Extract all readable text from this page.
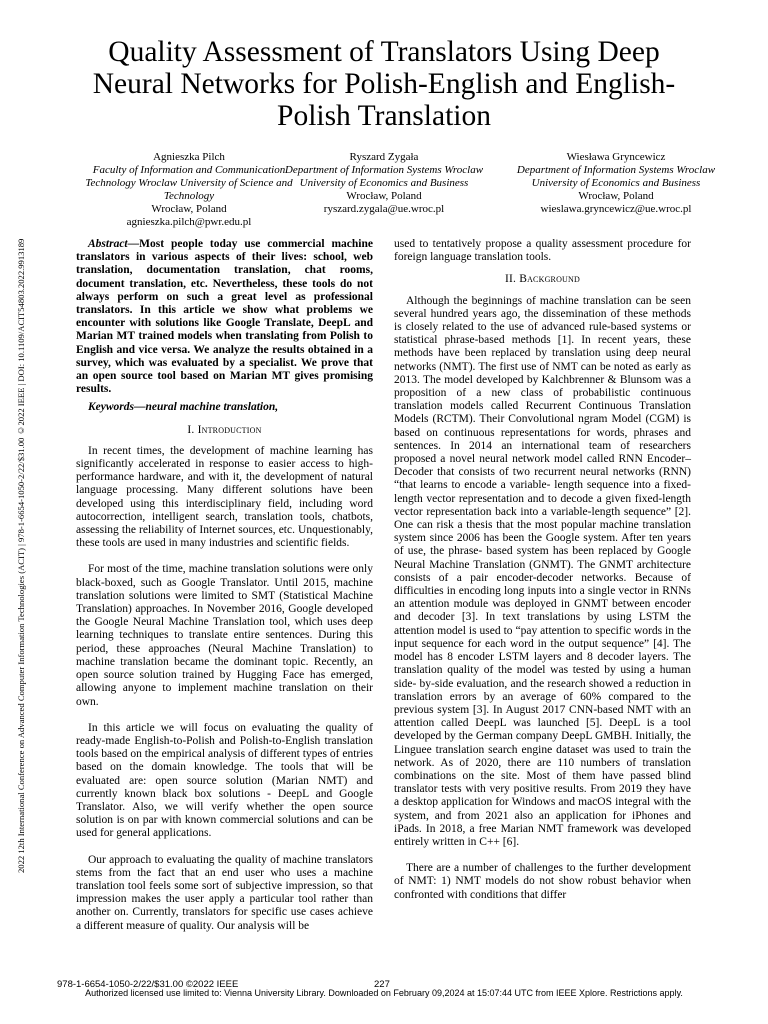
2022 12th International Conference on Advanced Computer Information Technologies (ACIT) | 978-1-6654-1050-2/22/$31.00 ©2022 IEEE | DOI: 10.1109/ACIT54803.2022.9913189
Quality Assessment of Translators Using Deep Neural Networks for Polish-English and English-Polish Translation
Agnieszka Pilch
Faculty of Information and Communication Technology Wroclaw University of Science and Technology
Wrocław, Poland
agnieszka.pilch@pwr.edu.pl
Ryszard Zygała
Department of Information Systems Wroclaw University of Economics and Business
Wrocław, Poland
ryszard.zygala@ue.wroc.pl
Wiesława Gryncewicz
Department of Information Systems Wroclaw University of Economics and Business
Wrocław, Poland
wieslawa.gryncewicz@ue.wroc.pl

Abstract—Most people today use commercial machine translators in various aspects of their lives: school, web translation, documentation translation, chat rooms, document translation, etc. Nevertheless, these tools do not always perform on such a great level as professional translators. In this article we show what problems we encounter with solutions like Google Translate, DeepL and Marian MT trained models when translating from Polish to English and vice versa. We analyze the results obtained in a survey, which was evaluated by a specialist. We prove that an open source tool based on Marian MT gives promising results.

Keywords—neural machine translation,

I. Introduction

In recent times, the development of machine learning has significantly accelerated in response to easier access to high-performance hardware, and with it, the development of natural language processing. Many different solutions have been developed using this interdisciplinary field, including word autocorrection, intelligent search, translation tools, chatbots, assessing the reliability of Internet sources, etc. Unquestionably, these tools are used in many industries and scientific fields.

For most of the time, machine translation solutions were only black-boxed, such as Google Translator. Until 2015, machine translation solutions were limited to SMT (Statistical Machine Translation) approaches. In November 2016, Google developed the Google Neural Machine Translation tool, which uses deep learning techniques to translate entire sentences. During this period, these approaches (Neural Machine Translation) to machine translation became the dominant topic. Recently, an open source solution trained by Hugging Face has emerged, allowing anyone to implement machine translation on their own.

In this article we will focus on evaluating the quality of ready-made English-to-Polish and Polish-to-English translation tools based on the empirical analysis of different types of entries based on the domain knowledge. The tools that will be evaluated are: open source solution (Marian NMT) and currently known black box solutions - DeepL and Google Translator. Also, we will verify whether the open source solution is on par with known commercial solutions and can be used for general applications.

Our approach to evaluating the quality of machine translators stems from the fact that an end user who uses a machine translation tool feels some sort of subjective impression, so that impression makes the user apply a particular tool rather than another on. Currently, translators for specific use cases achieve a different measure of quality. Our analysis will be

used to tentatively propose a quality assessment procedure for foreign language translation tools.

II. Background

Although the beginnings of machine translation can be seen several hundred years ago, the dissemination of these methods is closely related to the use of advanced rule-based systems or statistical phrase-based methods [1]. In recent years, these methods have been replaced by translation using deep neural networks (NMT). The first use of NMT can be noted as early as 2013. The model developed by Kalchbrenner & Blunsom was a proposition of a new class of probabilistic continuous translation models called Recurrent Continuous Translation Models (RCTM). Their Convolutional ngram Model (CGM) is based on continuous representations for words, phrases and sentences. In 2014 an international team of researchers proposed a novel neural network model called RNN Encoder–Decoder that consists of two recurrent neural networks (RNN) “that learns to encode a variable- length sequence into a fixed-length vector representation and to decode a given fixed-length vector representation back into a variable-length sequence” [2]. One can risk a thesis that the most popular machine translation system since 2006 has been the Google system. After ten years of use, the phrase- based system has been replaced by Google Neural Machine Translation (GNMT). The GNMT architecture consists of a pair encoder-decoder networks. Because of difficulties in encoding long inputs into a single vector in RNNs an attention module was deployed in GNMT between encoder and decoder [3]. In text translations by using LSTM the attention model is used to “pay attention to specific words in the input sequence for each word in the output sequence” [4]. The model has 8 encoder LSTM layers and 8 decoder layers. The translation quality of the model was tested by using a human side- by-side evaluation, and the research showed a reduction in translation errors by an average of 60% compared to the previous system [3]. In August 2017 CNN-based NMT with an attention called DeepL was launched [5]. DeepL is a tool developed by the German company DeepL GMBH. Initially, the Linguee translation search engine dataset was used to train the network. As of 2020, there are 110 numbers of translation combinations on the site. Most of them have passed blind translator tests with very positive results. From 2019 they have a desktop application for Windows and macOS integral with the system, and from 2021 also an application for iPhones and iPads. In 2018, a free Marian NMT framework was developed entirely written in C++ [6].

There are a number of challenges to the further development of NMT: 1) NMT models do not show robust behavior when confronted with conditions that differ

978-1-6654-1050-2/22/$31.00 ©2022 IEEE	227
Authorized licensed use limited to: Vienna University Library. Downloaded on February 09,2024 at 15:07:44 UTC from IEEE Xplore. Restrictions apply.
